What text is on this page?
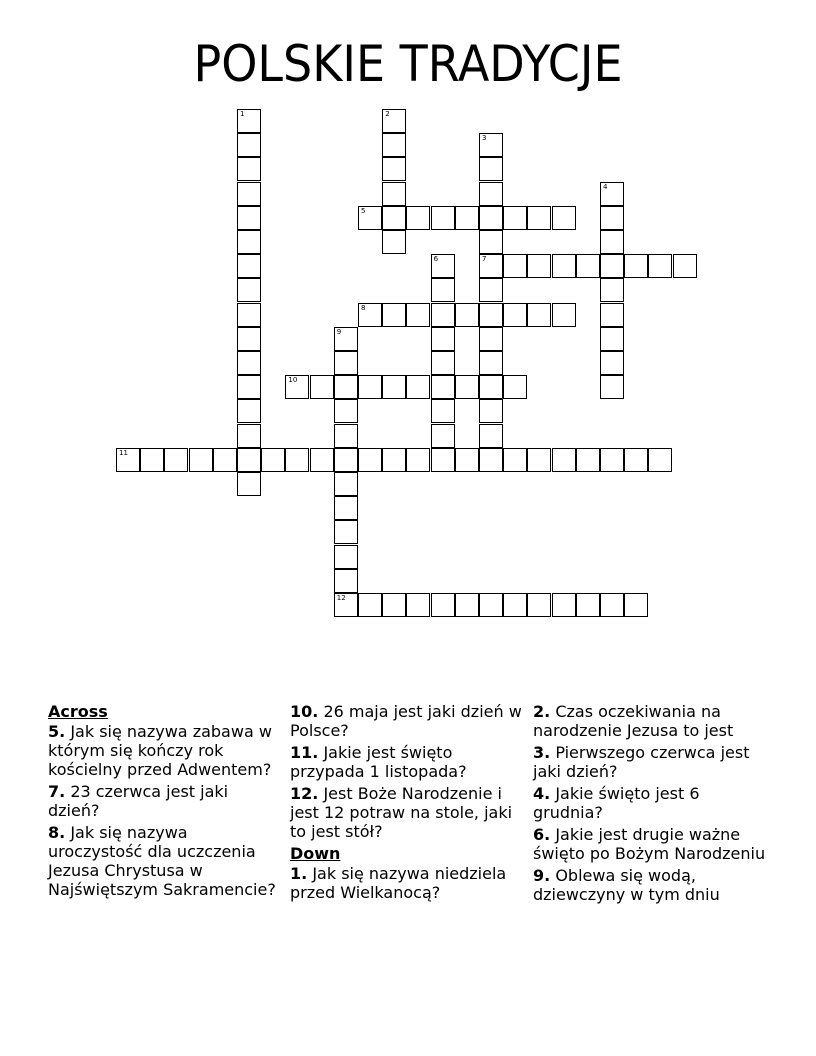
POLSKIE TRADYCJE
1	2
3
7
4
5
6
8
9
12
10
11
Across
5. Jak się nazywa zabawa w którym się kończy rok kościelny przed Adwentem?
7. 23 czerwca jest jaki dzień?
8. Jak się nazywa uroczystość dla uczczenia Jezusa Chrystusa w Najświętszym Sakramencie?
10. 26 maja jest jaki dzień w Polsce?
11. Jakie jest święto przypada 1 listopada?
12. Jest Boże Narodzenie i jest 12 potraw na stole, jaki to jest stół?
Down
1. Jak się nazywa niedziela przed Wielkanocą?
2. Czas oczekiwania na narodzenie Jezusa to jest
3. Pierwszego czerwca jest jaki dzień?
4. Jakie święto jest 6 grudnia?
6. Jakie jest drugie ważne święto po Bożym Narodzeniu
9. Oblewa się wodą, dziewczyny w tym dniu
